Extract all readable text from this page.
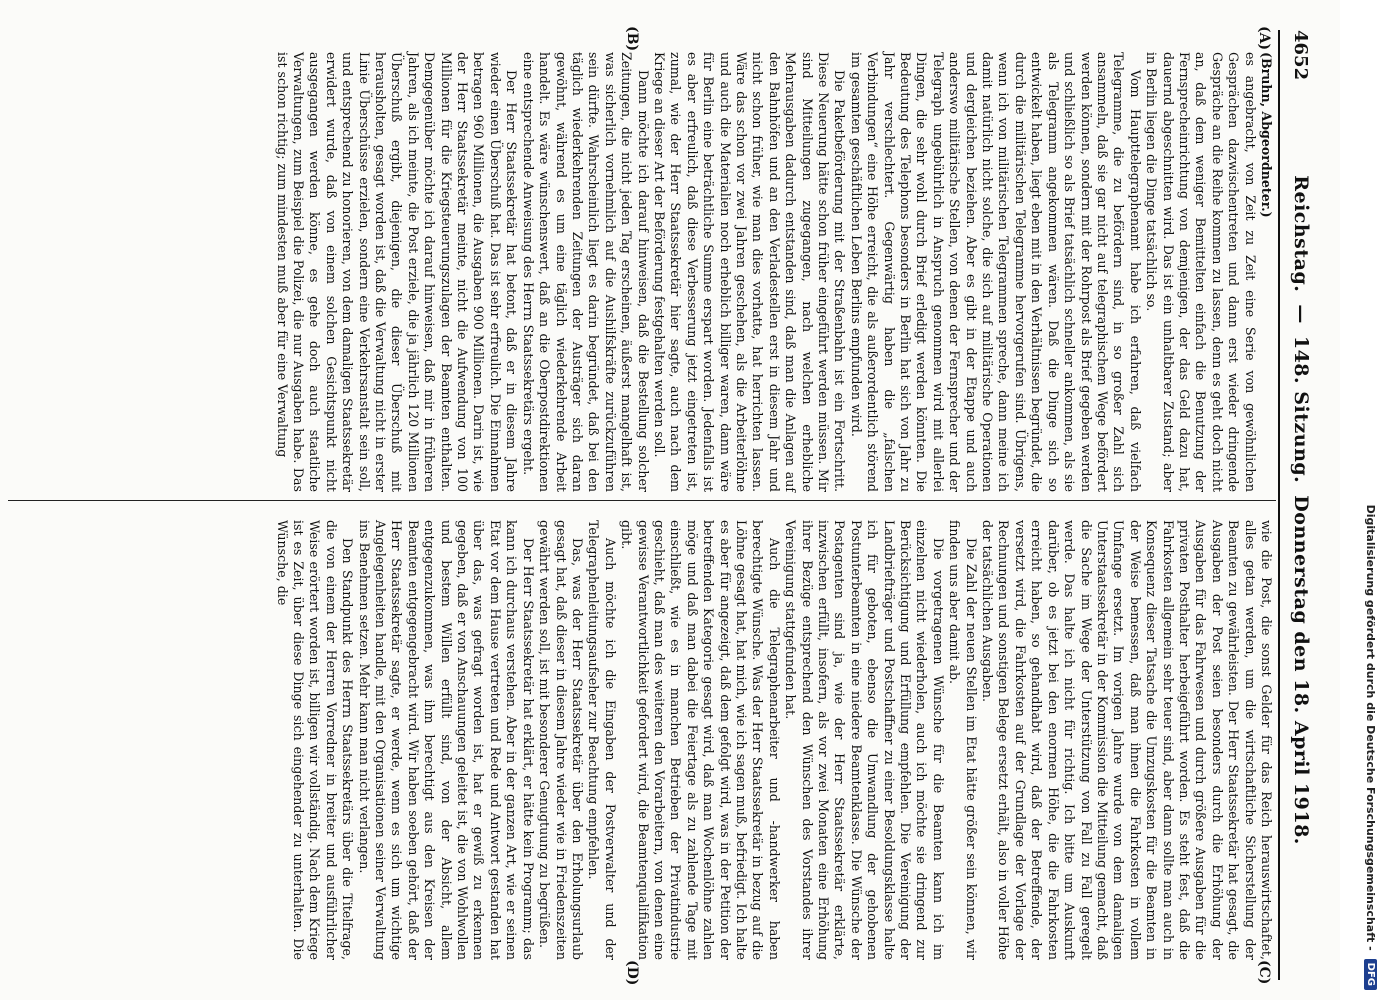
4652
Reichstag.—148. Sitzung.Donnerstag den 18. April 1918.
(A)
(B)
(C)
(D)

(Bruhn, Abgeordneter.)

es angebracht, von Zeit zu Zeit eine Serie von gewöhnlichen Gesprächen dazwischentreten und dann erst wieder dringende Gespräche an die Reihe kommen zu lassen, denn es geht doch nicht an, daß dem weniger Bemittelten einfach die Benutzung der Fernsprecheinrichtung von demjenigen, der das Geld dazu hat, dauernd abgeschnitten wird. Das ist ein unhaltbarer Zustand; aber in Berlin liegen die Dinge tatsächlich so.

Vom Haupttelegraphenamt habe ich erfahren, daß vielfach Telegramme, die zu befördern sind, in so großer Zahl sich ansammeln, daß sie gar nicht auf telegraphischem Wege befördert werden können, sondern mit der Rohrpost als Brief gegeben werden und schließlich so als Brief tatsächlich schneller ankommen, als sie als Telegramm angekommen wären. Daß die Dinge sich so entwickelt haben, liegt eben mit in den Verhältnissen begründet, die durch die militärischen Telegramme hervorgerufen sind. Übrigens, wenn ich von militärischen Telegrammen spreche, dann meine ich damit natürlich nicht solche, die sich auf militärische Operationen und dergleichen beziehen. Aber es gibt in der Etappe und auch anderswo militärische Stellen, von denen der Fernsprecher und der Telegraph ungebührlich in Anspruch genommen wird mit allerlei Dingen, die sehr wohl durch Brief erledigt werden könnten. Die Bedeutung des Telephons besonders in Berlin hat sich von Jahr zu Jahr verschlechtert. Gegenwärtig haben die „falschen Verbindungen“ eine Höhe erreicht, die als außerordentlich störend im gesamten geschäftlichen Leben Berlins empfunden wird.

Die Paketbeförderung mit der Straßenbahn ist ein Fortschritt. Diese Neuerung hätte schon früher eingeführt werden müssen. Mir sind Mitteilungen zugegangen, nach welchen erhebliche Mehrausgaben dadurch entstanden sind, daß man die Anlagen auf den Bahnhöfen und an den Verladestellen erst in diesem Jahr und nicht schon früher, wie man dies vorhatte, hat herrichten lassen. Wäre das schon vor zwei Jahren geschehen, als die Arbeiterlöhne und auch die Materialien noch erheblich billiger waren, dann wäre für Berlin eine beträchtliche Summe erspart worden. Jedenfalls ist es aber erfreulich, daß diese Verbesserung jetzt eingetreten ist, zumal, wie der Herr Staatssekretär hier sagte, auch nach dem Kriege an dieser Art der Beförderung festgehalten werden soll.

Dann möchte ich darauf hinweisen, daß die Bestellung solcher Zeitungen, die nicht jeden Tag erscheinen, äußerst mangelhaft ist, was sicherlich vornehmlich auf die Aushilfskräfte zurückzuführen sein dürfte. Wahrscheinlich liegt es darin begründet, daß bei den täglich wiederkehrenden Zeitungen der Austräger sich daran gewöhnt, während es um eine täglich wiederkehrende Arbeit handelt. Es wäre wünschenswert, daß an die Oberpostdirektionen eine entsprechende Anweisung des Herrn Staatssekretärs ergeht.

Der Herr Staatssekretär hat betont, daß er in diesem Jahre wieder einen Überschuß hat. Das ist sehr erfreulich. Die Einnahmen betragen 960 Millionen, die Ausgaben 900 Millionen. Darin ist, wie der Herr Staatssekretär meinte, nicht die Aufwendung von 100 Millionen für die Kriegsteuerungszulagen der Beamten enthalten. Demgegenüber möchte ich darauf hinweisen, daß mir in früheren Jahren, als ich meinte, die Post erziele, die ja jährlich 120 Millionen Überschuß ergibt, diejenigen, die dieser Überschuß mit herausholten, gesagt worden ist, daß die Verwaltung nicht in erster Linie Überschüsse erzielen, sondern eine Verkehrsanstalt sein soll, und entsprechend zu honorieren, von dem damaligen Staatssekretär erwidert wurde, daß von einem solchen Gesichtspunkt nicht ausgegangen werden könne, es gehe doch auch staatliche Verwaltungen, zum Beispiel die Polizei, die nur Ausgaben habe. Das ist schon richtig; zum mindesten muß aber für eine Verwaltung

wie die Post, die sonst Gelder für das Reich herauswirtschaftet, alles getan werden, um die wirtschaftliche Sicherstellung der Beamten zu gewährleisten. Der Herr Staatssekretär hat gesagt, die Ausgaben der Post seien besonders durch die Erhöhung der Ausgaben für das Fahrwesen und durch größere Ausgaben für die privaten Posthalter herbeigeführt worden. Es steht fest, daß die Fahrkosten allgemein sehr teuer sind, aber dann sollte man auch in Konsequenz dieser Tatsache die Umzugskosten für die Beamten in der Weise bemessen, daß man ihnen die Fahrkosten in vollem Umfange ersetzt. Im vorigen Jahre wurde von dem damaligen Unterstaatssekretär in der Kommission die Mitteilung gemacht, daß die Sache im Wege der Unterstützung von Fall zu Fall geregelt werde. Das halte ich nicht für richtig. Ich bitte um Auskunft darüber, ob es jetzt bei den enormen Höhe, die die Fahrkosten erreicht haben, so gehandhabt wird, daß der Betreffende, der versetzt wird, die Fahrkosten auf der Grundlage der Vorlage der Rechnungen und sonstigen Belege ersetzt erhält, also in voller Höhe der tatsächlichen Ausgaben.

Die Zahl der neuen Stellen im Etat hätte größer sein können, wir finden uns aber damit ab.

Die vorgetragenen Wünsche für die Beamten kann ich im einzelnen nicht wiederholen, auch ich möchte sie dringend zur Berücksichtigung und Erfüllung empfehlen. Die Vereinigung der Landbriefträger und Postschaffner zu einer Besoldungsklasse halte ich für geboten, ebenso die Umwandlung der gehobenen Postunterbeamten in eine niedere Beamtenklasse. Die Wünsche der Postagenten sind ja, wie der Herr Staatssekretär erklärte, inzwischen erfüllt, insofern, als vor zwei Monaten eine Erhöhung ihrer Bezüge entsprechend den Wünschen des Vorstandes ihrer Vereinigung stattgefunden hat.

Auch die Telegraphenarbeiter und -handwerker haben berechtigte Wünsche. Was der Herr Staatssekretär in bezug auf die Löhne gesagt hat, hat mich, wie ich sagen muß, befriedigt. Ich halte es aber für angezeigt, daß dem gefolgt wird, was in der Petition der betreffenden Kategorie gesagt wird, daß man Wochenlöhne zahlen möge und daß man dabei die Feiertage als zu zahlende Tage mit einschließt, wie es in manchen Betrieben der Privatindustrie geschieht, daß man des weiteren den Vorarbeitern, von denen eine gewisse Verantwortlichkeit gefordert wird, die Beamtenqualifikation gibt.

Auch möchte ich die Eingaben der Postverwalter und der Telegraphenleitungsaufseher zur Beachtung empfehlen.

Das, was der Herr Staatssekretär über den Erholungsurlaub gesagt hat, daß dieser in diesem Jahre wieder wie in Friedenszeiten gewährt werden soll, ist mit besonderer Genugtuung zu begrüßen.

Der Herr Staatssekretär hat erklärt, er hätte kein Programm; das kann ich durchaus verstehen. Aber in der ganzen Art, wie er seinen Etat vor dem Hause vertreten und Rede und Antwort gestanden hat über das, was gefragt worden ist, hat er gewiß zu erkennen gegeben, daß er von Anschauungen geleitet ist, die von Wohlwollen und bestem Willen erfüllt sind, von der Absicht, allem entgegenzukommen, was ihm berechtigt aus den Kreisen der Beamten entgegengebracht wird. Wir haben soeben gehört, daß der Herr Staatssekretär sagte, er werde, wenn es sich um wichtige Angelegenheiten handle, mit den Organisationen seiner Verwaltung ins Benehmen setzen. Mehr kann man nicht verlangen.

Den Standpunkt des Herrn Staatssekretärs über die Titelfrage, die von einem der Herren Vorredner in breiter und ausführlicher Weise erörtert worden ist, billigen wir vollständig. Nach dem Kriege ist es Zeit, über diese Dinge sich eingehender zu unterhalten. Die Wünsche, die	Digitalisierung gefördert durch die Deutsche Forschungsgemeinschaft -
DFG
